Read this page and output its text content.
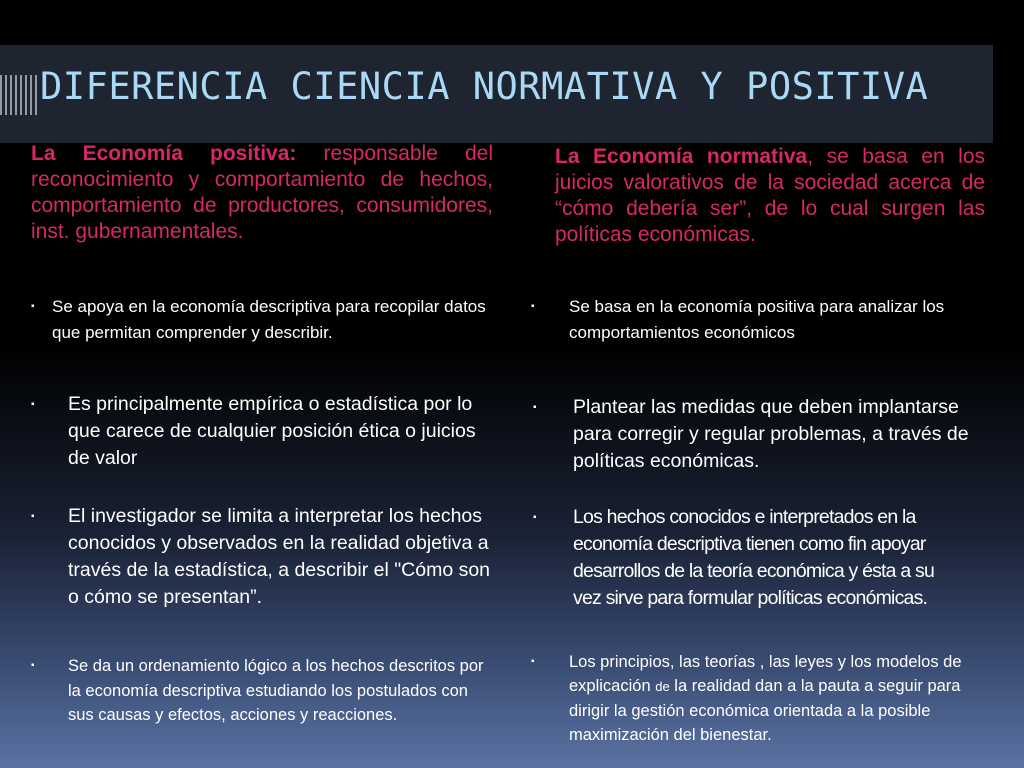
DIFERENCIA CIENCIA NORMATIVA Y POSITIVA

La Economía positiva: responsable del reconocimiento y comportamiento de hechos, comportamiento de productores, consumidores, inst. gubernamentales.

La Economía normativa, se basa en los juicios valorativos de la sociedad acerca de “cómo debería ser”, de lo cual surgen las políticas económicas.

▪ Se apoya en la economía descriptiva para recopilar datos que permitan comprender y describir.
▪ Es principalmente empírica o estadística por lo que carece de cualquier posición ética o juicios de valor
▪ El investigador se limita a interpretar los hechos conocidos y observados en la realidad objetiva a través de la estadística, a describir el "Cómo son o cómo se presentan”.
▪ Se da un ordenamiento lógico a los hechos descritos por la economía descriptiva estudiando los postulados con sus causas y efectos, acciones y reacciones.
▪ Se basa en la economía positiva para analizar los comportamientos económicos
▪ Plantear las medidas que deben implantarse para corregir y regular problemas, a través de políticas económicas.
▪ Los hechos conocidos e interpretados en la economía descriptiva tienen como fin apoyar desarrollos de la teoría económica y ésta a su vez sirve para formular políticas económicas.
▪ Los principios, las teorías , las leyes y los modelos de explicación de la realidad dan a la pauta a seguir para dirigir la gestión económica orientada a la posible maximización del bienestar.
